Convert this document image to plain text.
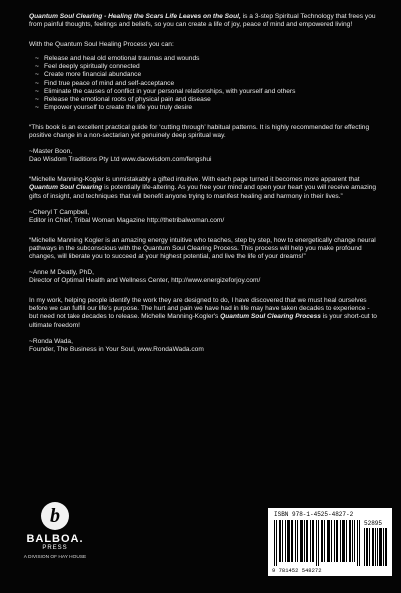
Quantum Soul Clearing - Healing the Scars Life Leaves on the Soul, is a 3-step Spiritual Technology that frees you from painful thoughts, feelings and beliefs, so you can create a life of joy, peace of mind and empowered living!

With the Quantum Soul Healing Process you can:

~ Release and heal old emotional traumas and wounds
~ Feel deeply spiritually connected
~ Create more financial abundance
~ Find true peace of mind and self-acceptance
~ Eliminate the causes of conflict in your personal relationships, with yourself and others
~ Release the emotional roots of physical pain and disease
~ Empower yourself to create the life you truly desire

“This book is an excellent practical guide for ‘cutting through’ habitual patterns. It is highly recommended for effecting positive change in a non-sectarian yet genuinely deep spiritual way.

~Master Boon,

Dao Wisdom Traditions Pty Ltd www.daowisdom.com/fengshui

“Michelle Manning-Kogler is unmistakably a gifted intuitive. With each page turned it becomes more apparent that Quantum Soul Clearing is potentially life-altering. As you free your mind and open your heart you will receive amazing gifts of insight, and techniques that will benefit anyone trying to manifest healing and harmony in their lives.”

~Cheryl T Campbell,

Editor in Chief, Tribal Woman Magazine http://thetribalwoman.com/

“Michelle Manning Kogler is an amazing energy intuitive who teaches, step by step, how to energetically change neural pathways in the subconscious with the Quantum Soul Clearing Process. This process will help you make profound changes, will liberate you to succeed at your highest potential, and live the life of your dreams!”

~Anne M Deatly, PhD,

Director of Optimal Health and Wellness Center, http://www.energizeforjoy.com/

In my work, helping people identify the work they are designed to do, I have discovered that we must heal ourselves before we can fulfill our life's purpose. The hurt and pain we have had in life may have taken decades to experience - but need not take decades to release. Michelle Manning-Kogler's Quantum Soul Clearing Process is your short-cut to ultimate freedom!

~Ronda Wada,

Founder, The Business in Your Soul, www.RondaWada.com

b
BALBOA.
PRESS
A DIVISION OF HAY HOUSE
ISBN 978-1-4525-4827-2
52895
9 781452 548272
